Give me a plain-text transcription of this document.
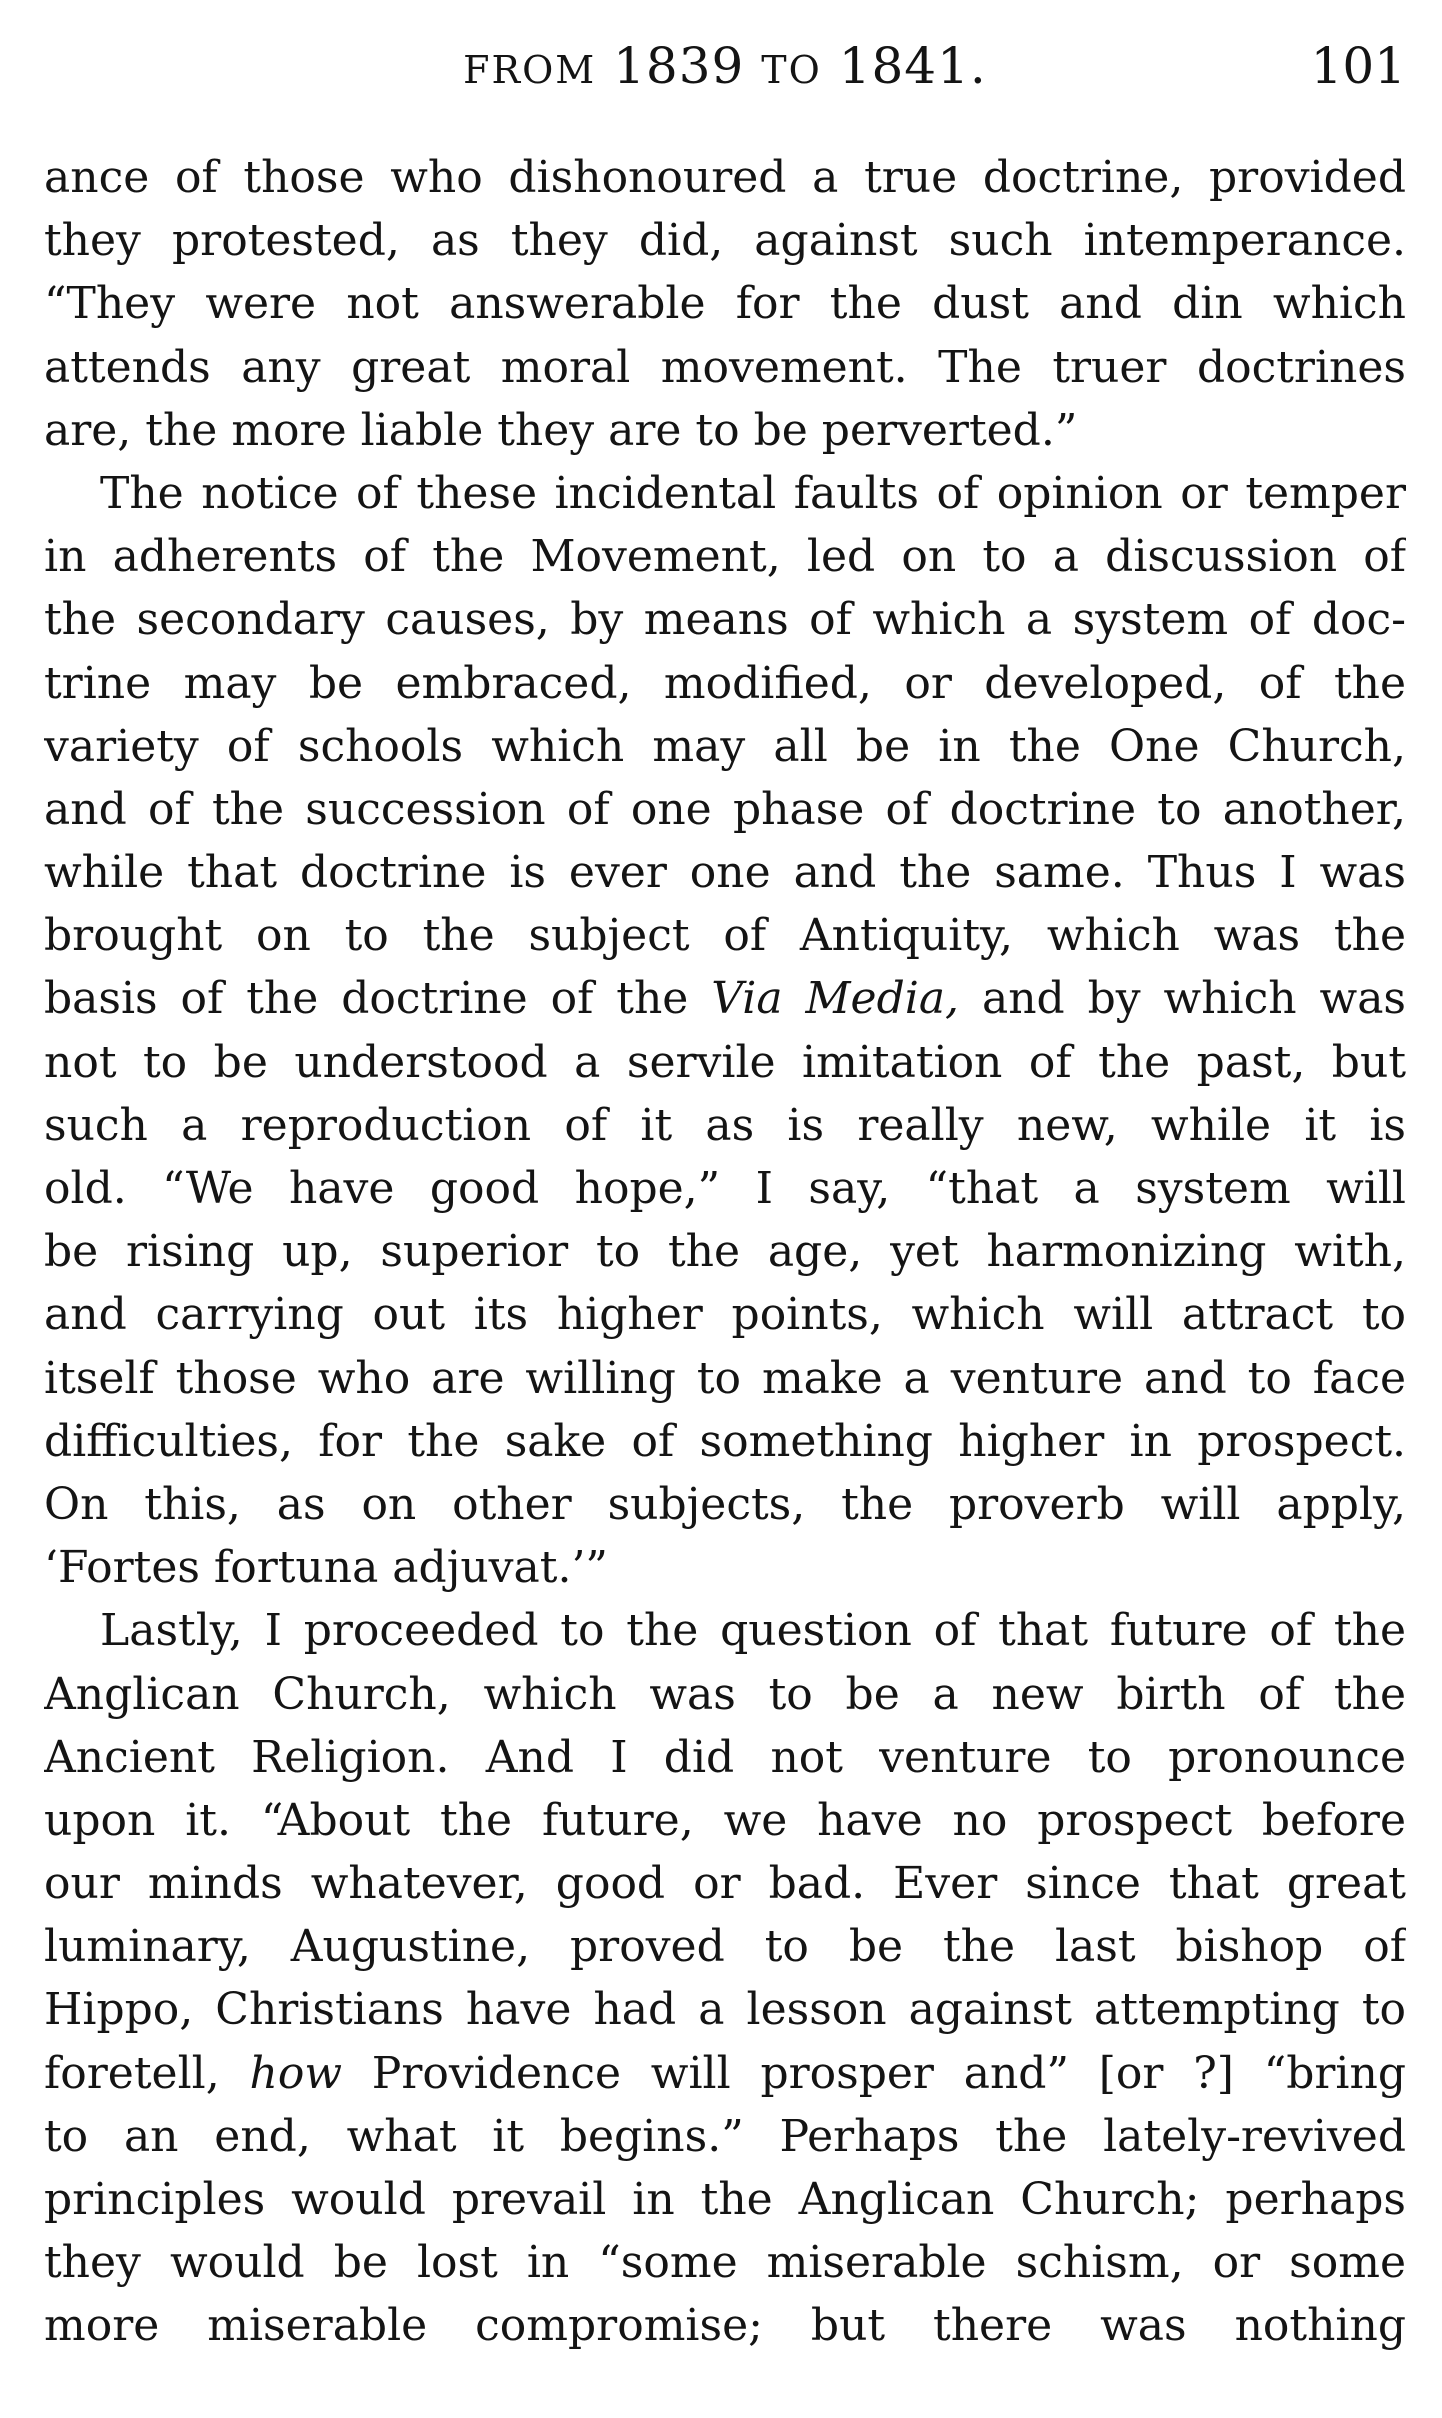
FROM 1839 TO 1841.	101
ance of those who dishonoured a true doctrine, provided
they protested, as they did, against such intemperance.
“They were not answerable for the dust and din which
attends any great moral movement. The truer doctrines
are, the more liable they are to be perverted.”
The notice of these incidental faults of opinion or temper
in adherents of the Movement, led on to a discussion of
the secondary causes, by means of which a system of doc-
trine may be embraced, modified, or developed, of the
variety of schools which may all be in the One Church,
and of the succession of one phase of doctrine to another,
while that doctrine is ever one and the same. Thus I was
brought on to the subject of Antiquity, which was the
basis of the doctrine of the Via Media, and by which was
not to be understood a servile imitation of the past, but
such a reproduction of it as is really new, while it is
old. “We have good hope,” I say, “that a system will
be rising up, superior to the age, yet harmonizing with,
and carrying out its higher points, which will attract to
itself those who are willing to make a venture and to face
difficulties, for the sake of something higher in prospect.
On this, as on other subjects, the proverb will apply,
‘Fortes fortuna adjuvat.’”
Lastly, I proceeded to the question of that future of the
Anglican Church, which was to be a new birth of the
Ancient Religion. And I did not venture to pronounce
upon it. “About the future, we have no prospect before
our minds whatever, good or bad. Ever since that great
luminary, Augustine, proved to be the last bishop of
Hippo, Christians have had a lesson against attempting to
foretell, how Providence will prosper and” [or ?] “bring
to an end, what it begins.” Perhaps the lately-revived
principles would prevail in the Anglican Church; perhaps
they would be lost in “some miserable schism, or some
more miserable compromise; but there was nothing
